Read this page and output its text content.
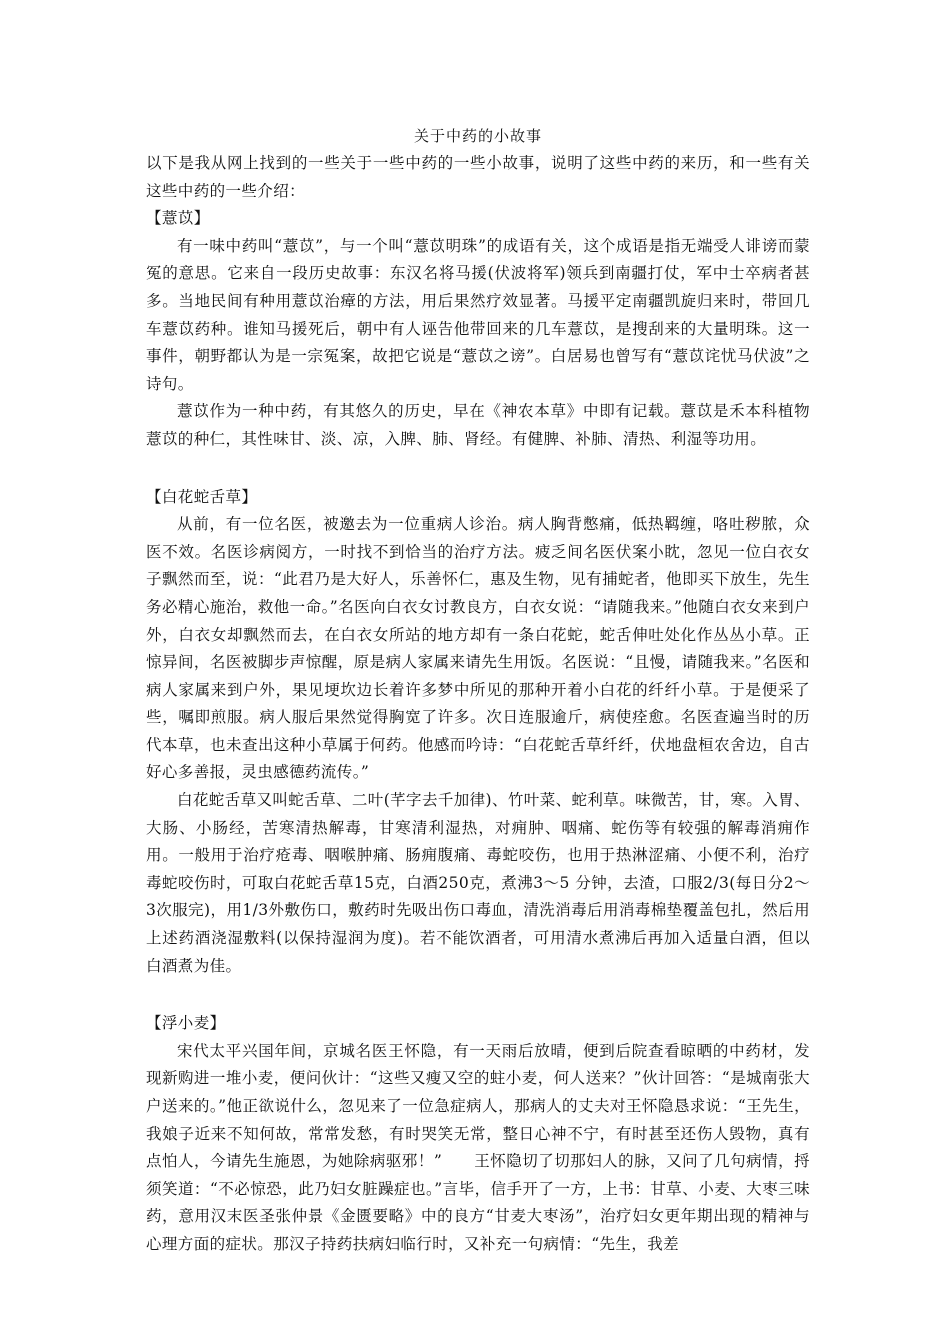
关于中药的小故事

以下是我从网上找到的一些关于一些中药的一些小故事，说明了这些中药的来历，和一些有关这些中药的一些介绍：

【薏苡】

有一味中药叫“薏苡”，与一个叫“薏苡明珠”的成语有关，这个成语是指无端受人诽谤而蒙冤的意思。它来自一段历史故事：东汉名将马援(伏波将军)领兵到南疆打仗，军中士卒病者甚多。当地民间有种用薏苡治瘴的方法，用后果然疗效显著。马援平定南疆凯旋归来时，带回几车薏苡药种。谁知马援死后，朝中有人诬告他带回来的几车薏苡，是搜刮来的大量明珠。这一事件，朝野都认为是一宗冤案，故把它说是“薏苡之谤”。白居易也曾写有“薏苡诧忧马伏波”之诗句。

薏苡作为一种中药，有其悠久的历史，早在《神农本草》中即有记载。薏苡是禾本科植物薏苡的种仁，其性味甘、淡、凉，入脾、肺、肾经。有健脾、补肺、清热、利湿等功用。

【白花蛇舌草】

从前，有一位名医，被邀去为一位重病人诊治。病人胸背憋痛，低热羁缠，咯吐秽脓，众医不效。名医诊病阅方，一时找不到恰当的治疗方法。疲乏间名医伏案小眈，忽见一位白衣女子飘然而至，说：“此君乃是大好人，乐善怀仁，惠及生物，见有捕蛇者，他即买下放生，先生务必精心施治，救他一命。”名医向白衣女讨教良方，白衣女说：“请随我来。”他随白衣女来到户外，白衣女却飘然而去，在白衣女所站的地方却有一条白花蛇，蛇舌伸吐处化作丛丛小草。正惊异间，名医被脚步声惊醒，原是病人家属来请先生用饭。名医说：“且慢，请随我来。”名医和病人家属来到户外，果见埂坎边长着许多梦中所见的那种开着小白花的纤纤小草。于是便采了些，嘱即煎服。病人服后果然觉得胸宽了许多。次日连服逾斤，病使痊愈。名医查遍当时的历代本草，也未查出这种小草属于何药。他感而吟诗：“白花蛇舌草纤纤，伏地盘桓农舍边，自古好心多善报，灵虫感德药流传。”

白花蛇舌草又叫蛇舌草、二叶(芊字去千加律)、竹叶菜、蛇利草。味微苦，甘，寒。入胃、大肠、小肠经，苦寒清热解毒，甘寒清利湿热，对痈肿、咽痛、蛇伤等有较强的解毒消痈作用。一般用于治疗疮毒、咽喉肿痛、肠痈腹痛、毒蛇咬伤，也用于热淋涩痛、小便不利，治疗毒蛇咬伤时，可取白花蛇舌草15克，白酒250克，煮沸3～5 分钟，去渣，口服2/3(每日分2～3次服完)，用1/3外敷伤口，敷药时先吸出伤口毒血，清洗消毒后用消毒棉垫覆盖包扎，然后用上述药酒浇湿敷料(以保持湿润为度)。若不能饮酒者，可用清水煮沸后再加入适量白酒，但以白酒煮为佳。

【浮小麦】

宋代太平兴国年间，京城名医王怀隐，有一天雨后放晴，便到后院查看晾晒的中药材，发现新购进一堆小麦，便问伙计：“这些又瘦又空的蛀小麦，何人送来？”伙计回答：“是城南张大户送来的。”他正欲说什么，忽见来了一位急症病人，那病人的丈夫对王怀隐恳求说：“王先生，我娘子近来不知何故，常常发愁，有时哭笑无常，整日心神不宁，有时甚至还伤人毁物，真有点怕人，今请先生施恩，为她除病驱邪！”　　王怀隐切了切那妇人的脉，又问了几句病情，捋须笑道：“不必惊恐，此乃妇女脏躁症也。”言毕，信手开了一方，上书：甘草、小麦、大枣三味药，意用汉末医圣张仲景《金匮要略》中的良方“甘麦大枣汤”，治疗妇女更年期出现的精神与心理方面的症状。那汉子持药扶病妇临行时，又补充一句病情：“先生，我差
